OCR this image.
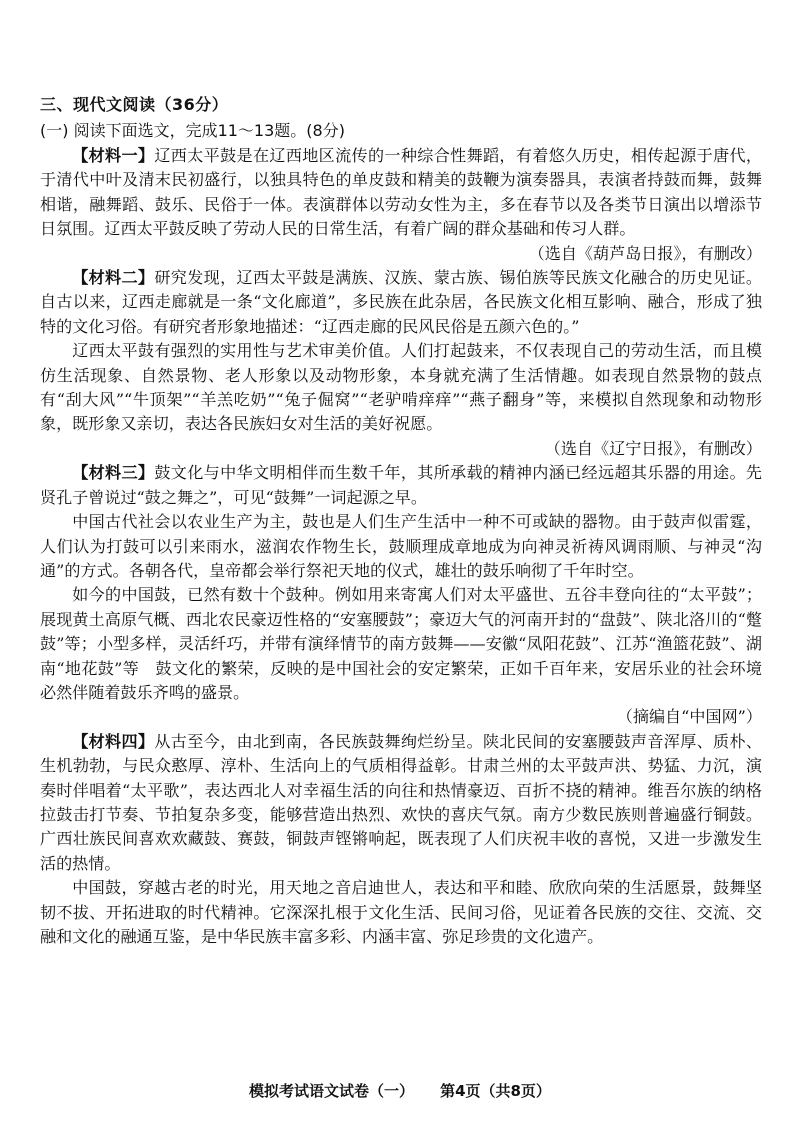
三、现代文阅读（36分）
(一) 阅读下面选文，完成11～13题。(8分)

【材料一】辽西太平鼓是在辽西地区流传的一种综合性舞蹈，有着悠久历史，相传起源于唐代，于清代中叶及清末民初盛行，以独具特色的单皮鼓和精美的鼓鞭为演奏器具，表演者持鼓而舞，鼓舞相谐，融舞蹈、鼓乐、民俗于一体。表演群体以劳动女性为主，多在春节以及各类节日演出以增添节日氛围。辽西太平鼓反映了劳动人民的日常生活，有着广阔的群众基础和传习人群。

（选自《葫芦岛日报》，有删改）

【材料二】研究发现，辽西太平鼓是满族、汉族、蒙古族、锡伯族等民族文化融合的历史见证。自古以来，辽西走廊就是一条“文化廊道”，多民族在此杂居，各民族文化相互影响、融合，形成了独特的文化习俗。有研究者形象地描述：“辽西走廊的民风民俗是五颜六色的。”

辽西太平鼓有强烈的实用性与艺术审美价值。人们打起鼓来，不仅表现自己的劳动生活，而且模仿生活现象、自然景物、老人形象以及动物形象，本身就充满了生活情趣。如表现自然景物的鼓点有“刮大风”“牛顶架”“羊羔吃奶”“兔子倔窝”“老驴啃痒痒”“燕子翻身”等，来模拟自然现象和动物形象，既形象又亲切，表达各民族妇女对生活的美好祝愿。

（选自《辽宁日报》，有删改）

【材料三】鼓文化与中华文明相伴而生数千年，其所承载的精神内涵已经远超其乐器的用途。先贤孔子曾说过“鼓之舞之”，可见“鼓舞”一词起源之早。

中国古代社会以农业生产为主，鼓也是人们生产生活中一种不可或缺的器物。由于鼓声似雷霆，人们认为打鼓可以引来雨水，滋润农作物生长，鼓顺理成章地成为向神灵祈祷风调雨顺、与神灵“沟通”的方式。各朝各代，皇帝都会举行祭祀天地的仪式，雄壮的鼓乐响彻了千年时空。

如今的中国鼓，已然有数十个鼓种。例如用来寄寓人们对太平盛世、五谷丰登向往的“太平鼓”；展现黄土高原气概、西北农民豪迈性格的“安塞腰鼓”；豪迈大气的河南开封的“盘鼓”、陕北洛川的“蹩鼓”等；小型多样，灵活纤巧，并带有演绎情节的南方鼓舞——安徽“凤阳花鼓”、江苏“渔篮花鼓”、湖南“地花鼓”等　鼓文化的繁荣，反映的是中国社会的安定繁荣，正如千百年来，安居乐业的社会环境必然伴随着鼓乐齐鸣的盛景。

（摘编自“中国网”）

【材料四】从古至今，由北到南，各民族鼓舞绚烂纷呈。陕北民间的安塞腰鼓声音浑厚、质朴、生机勃勃，与民众憨厚、淳朴、生活向上的气质相得益彰。甘肃兰州的太平鼓声洪、势猛、力沉，演奏时伴唱着“太平歌”，表达西北人对幸福生活的向往和热情豪迈、百折不挠的精神。维吾尔族的纳格拉鼓击打节奏、节拍复杂多变，能够营造出热烈、欢快的喜庆气氛。南方少数民族则普遍盛行铜鼓。广西壮族民间喜欢欢藏鼓、赛鼓，铜鼓声铿锵响起，既表现了人们庆祝丰收的喜悦，又进一步激发生活的热情。

中国鼓，穿越古老的时光，用天地之音启迪世人，表达和平和睦、欣欣向荣的生活愿景，鼓舞坚韧不拔、开拓进取的时代精神。它深深扎根于文化生活、民间习俗，见证着各民族的交往、交流、交融和文化的融通互鉴，是中华民族丰富多彩、内涵丰富、弥足珍贵的文化遗产。

模拟考试语文试卷（一） 第4页（共8页）
